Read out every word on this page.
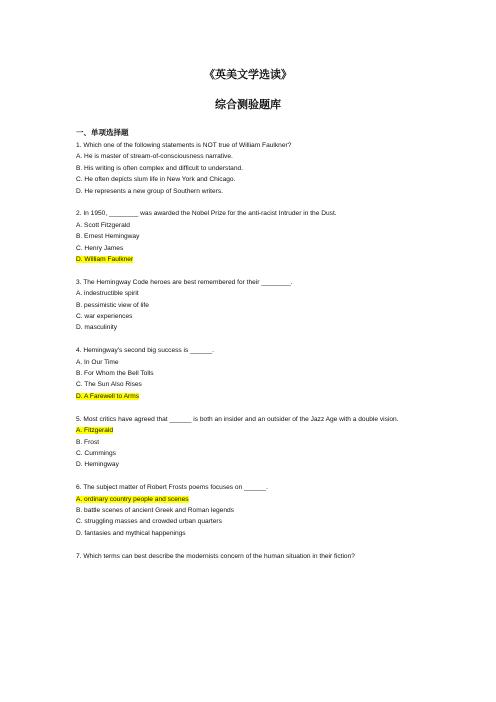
《英美文学选读》
综合测验题库
一、单项选择题
1. Which one of the following statements is NOT true of William Faulkner?
A. He is master of stream-of-consciousness narrative.
B. His writing is often complex and difficult to understand.
C. He often depicts slum life in New York and Chicago.
D. He represents a new group of Southern writers.
2. In 1950, ________ was awarded the Nobel Prize for the anti-racist Intruder in the Dust.
A. Scott Fitzgerald
B. Ernest Hemingway
C. Henry James
D. William Faulkner
3. The Hemingway Code heroes are best remembered for their ________.
A. indestructible spirit
B. pessimistic view of life
C. war experiences
D. masculinity
4. Hemingway's second big success is ______.
A. In Our Time
B. For Whom the Bell Tolls
C. The Sun Also Rises
D. A Farewell to Arms
5. Most critics have agreed that ______ is both an insider and an outsider of the Jazz Age with a double vision.
A. Fitzgerald
B. Frost
C. Cummings
D. Hemingway
6. The subject matter of Robert Frosts poems focuses on ______.
A. ordinary country people and scenes
B. battle scenes of ancient Greek and Roman legends
C. struggling masses and crowded urban quarters
D. fantasies and mythical happenings
7. Which terms can best describe the modernists concern of the human situation in their fiction?
